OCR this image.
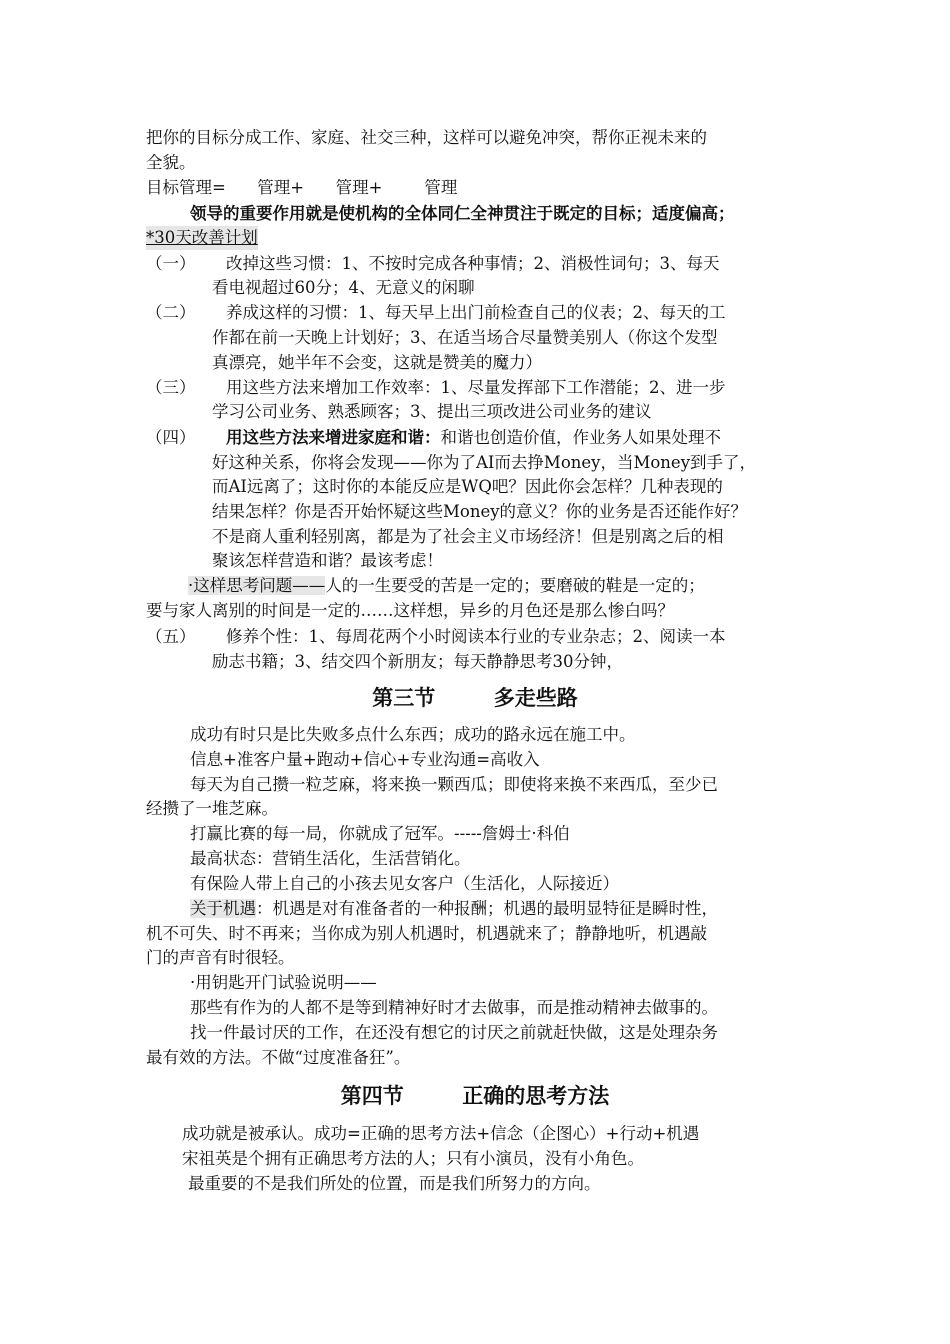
把你的目标分成工作、家庭、社交三种，这样可以避免冲突，帮你正视未来的
全貌。
目标管理=      管理+      管理+        管理
领导的重要作用就是使机构的全体同仁全神贯注于既定的目标；适度偏高；
*30天改善计划
（一） 改掉这些习惯：1、不按时完成各种事情；2、消极性词句；3、每天
看电视超过60分；4、无意义的闲聊
（二） 养成这样的习惯：1、每天早上出门前检查自己的仪表；2、每天的工
作都在前一天晚上计划好；3、在适当场合尽量赞美别人（你这个发型
真漂亮，她半年不会变，这就是赞美的魔力）
（三） 用这些方法来增加工作效率：1、尽量发挥部下工作潜能；2、进一步
学习公司业务、熟悉顾客；3、提出三项改进公司业务的建议
（四） 用这些方法来增进家庭和谐：和谐也创造价值，作业务人如果处理不
好这种关系，你将会发现——你为了AI而去挣Money，当Money到手了，
而AI远离了；这时你的本能反应是WQ吧？因此你会怎样？几种表现的
结果怎样？你是否开始怀疑这些Money的意义？你的业务是否还能作好？
不是商人重利轻别离，都是为了社会主义市场经济！但是别离之后的相
聚该怎样营造和谐？最该考虑！
·这样思考问题——人的一生要受的苦是一定的；要磨破的鞋是一定的；
要与家人离别的时间是一定的……这样想，异乡的月色还是那么惨白吗？
（五） 修养个性：1、每周花两个小时阅读本行业的专业杂志；2、阅读一本
励志书籍；3、结交四个新朋友；每天静静思考30分钟，
第三节        多走些路
成功有时只是比失败多点什么东西；成功的路永远在施工中。
信息+准客户量+跑动+信心+专业沟通=高收入
每天为自己攒一粒芝麻，将来换一颗西瓜；即使将来换不来西瓜，至少已
经攒了一堆芝麻。
打赢比赛的每一局，你就成了冠军。-----詹姆士·科伯
最高状态：营销生活化，生活营销化。
有保险人带上自己的小孩去见女客户（生活化，人际接近）
关于机遇：机遇是对有准备者的一种报酬；机遇的最明显特征是瞬时性，
机不可失、时不再来；当你成为别人机遇时，机遇就来了；静静地听，机遇敲
门的声音有时很轻。
·用钥匙开门试验说明——
那些有作为的人都不是等到精神好时才去做事，而是推动精神去做事的。
找一件最讨厌的工作，在还没有想它的讨厌之前就赶快做，这是处理杂务
最有效的方法。不做“过度准备狂”。
第四节        正确的思考方法
成功就是被承认。成功=正确的思考方法+信念（企图心）+行动+机遇
宋祖英是个拥有正确思考方法的人；只有小演员，没有小角色。
最重要的不是我们所处的位置，而是我们所努力的方向。
